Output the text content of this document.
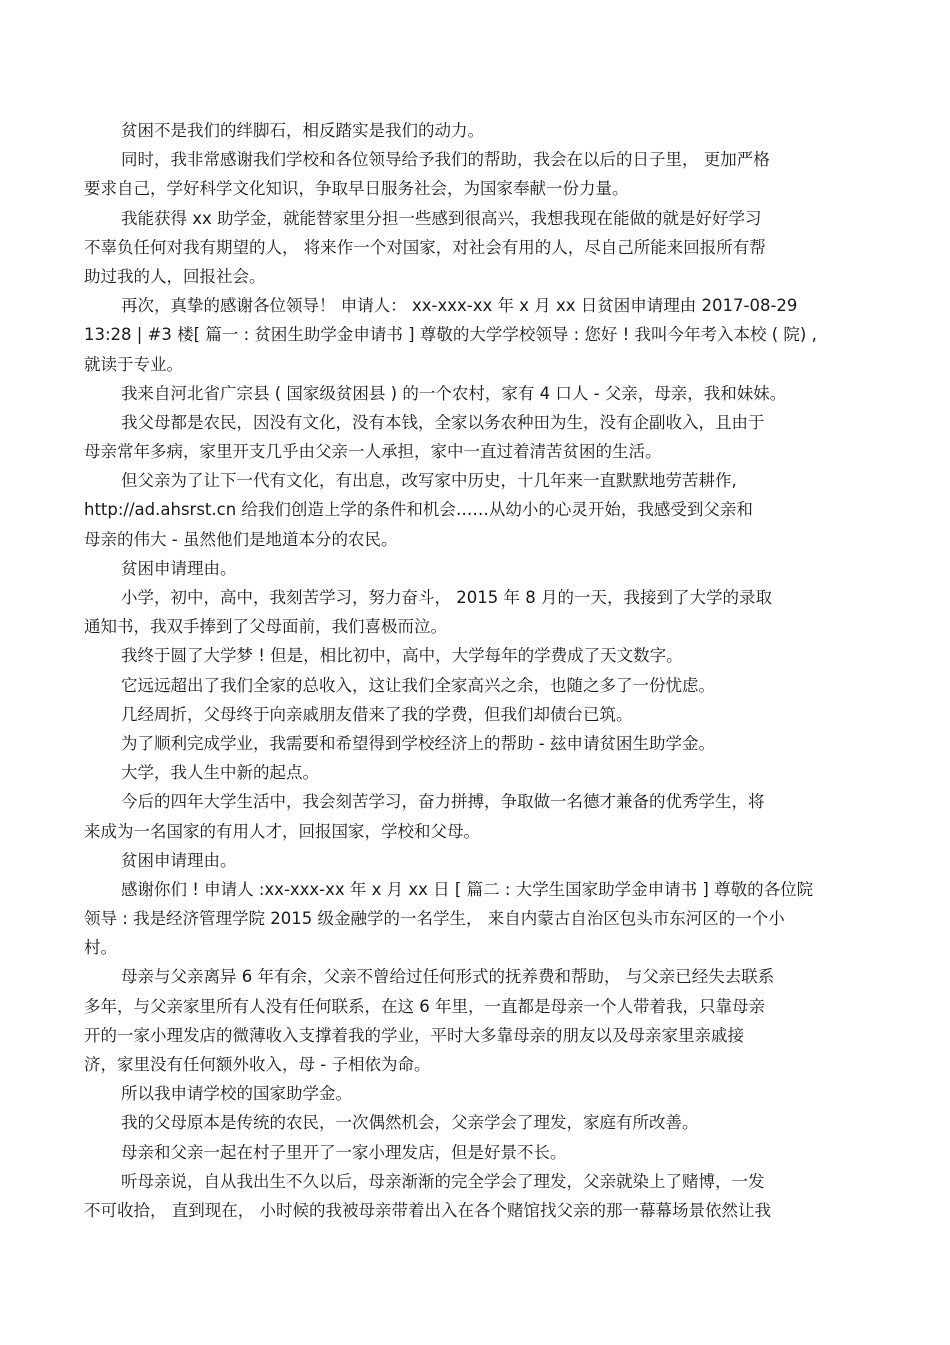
贫困不是我们的绊脚石，相反踏实是我们的动力。
同时，我非常感谢我们学校和各位领导给予我们的帮助，我会在以后的日子里， 更加严格
要求自己，学好科学文化知识，争取早日服务社会，为国家奉献一份力量。
我能获得 xx 助学金，就能替家里分担一些感到很高兴，我想我现在能做的就是好好学习
不辜负任何对我有期望的人， 将来作一个对国家，对社会有用的人，尽自己所能来回报所有帮
助过我的人，回报社会。
再次，真挚的感谢各位领导！ 申请人： xx-xxx-xx 年 x 月 xx 日贫困申请理由 2017-08-29
13:28 | #3 楼[ 篇一 : 贫困生助学金申请书 ] 尊敬的大学学校领导 : 您好 ! 我叫今年考入本校 ( 院) ,
就读于专业。
我来自河北省广宗县 ( 国家级贫困县 ) 的一个农村，家有 4 口人 - 父亲，母亲，我和妹妹。
我父母都是农民，因没有文化，没有本钱，全家以务农种田为生，没有企副收入，且由于
母亲常年多病，家里开支几乎由父亲一人承担，家中一直过着清苦贫困的生活。
但父亲为了让下一代有文化，有出息，改写家中历史，十几年来一直默默地劳苦耕作,
http://ad.ahsrst.cn 给我们创造上学的条件和机会……从幼小的心灵开始，我感受到父亲和
母亲的伟大 - 虽然他们是地道本分的农民。
贫困申请理由。
小学，初中，高中，我刻苦学习，努力奋斗， 2015 年 8 月的一天，我接到了大学的录取
通知书，我双手捧到了父母面前，我们喜极而泣。
我终于圆了大学梦 ! 但是，相比初中，高中，大学每年的学费成了天文数字。
它远远超出了我们全家的总收入，这让我们全家高兴之余，也随之多了一份忧虑。
几经周折，父母终于向亲戚朋友借来了我的学费，但我们却债台已筑。
为了顺利完成学业，我需要和希望得到学校经济上的帮助 - 玆申请贫困生助学金。
大学，我人生中新的起点。
今后的四年大学生活中，我会刻苦学习，奋力拼搏，争取做一名德才兼备的优秀学生，将
来成为一名国家的有用人才，回报国家，学校和父母。
贫困申请理由。
感谢你们 ! 申请人 :xx-xxx-xx 年 x 月 xx 日 [ 篇二 : 大学生国家助学金申请书 ] 尊敬的各位院
领导 : 我是经济管理学院 2015 级金融学的一名学生， 来自内蒙古自治区包头市东河区的一个小
村。
母亲与父亲离异 6 年有余，父亲不曾给过任何形式的抚养费和帮助， 与父亲已经失去联系
多年，与父亲家里所有人没有任何联系，在这 6 年里，一直都是母亲一个人带着我，只靠母亲
开的一家小理发店的微薄收入支撑着我的学业，平时大多靠母亲的朋友以及母亲家里亲戚接
济，家里没有任何额外收入，母 - 子相依为命。
所以我申请学校的国家助学金。
我的父母原本是传统的农民，一次偶然机会，父亲学会了理发，家庭有所改善。
母亲和父亲一起在村子里开了一家小理发店，但是好景不长。
听母亲说，自从我出生不久以后，母亲渐渐的完全学会了理发，父亲就染上了赌博，一发
不可收拾， 直到现在， 小时候的我被母亲带着出入在各个赌馆找父亲的那一幕幕场景依然让我
